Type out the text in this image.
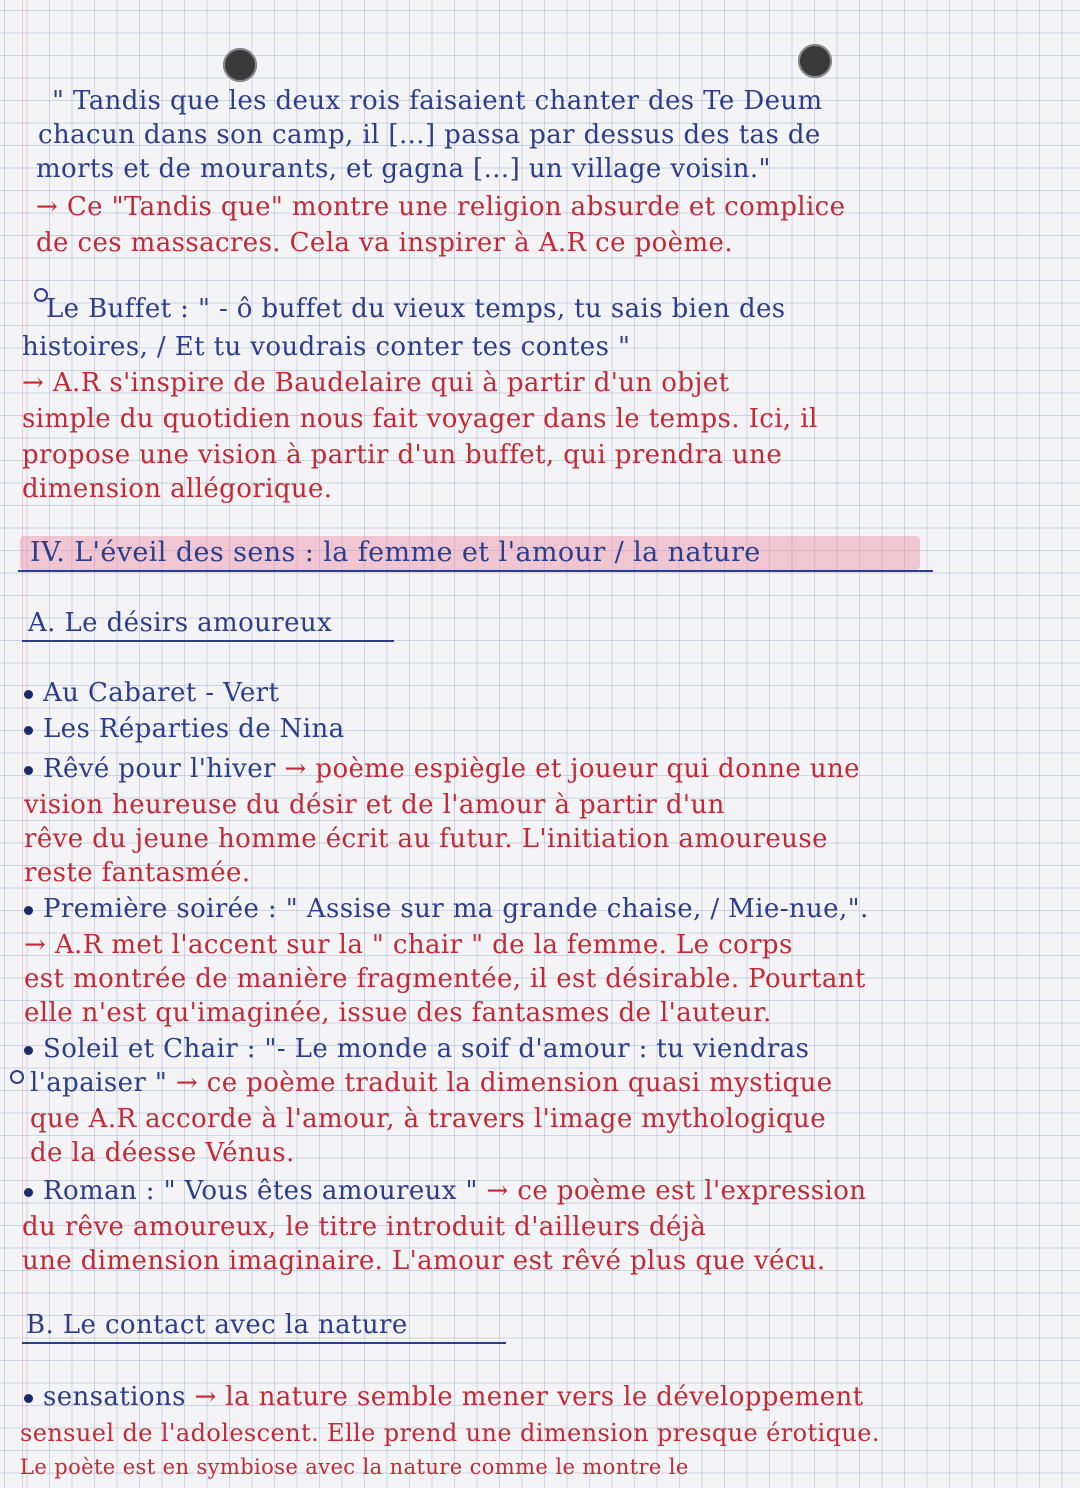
" Tandis que les deux rois faisaient chanter des Te Deum
chacun dans son camp, il [...] passa par dessus des tas de
morts et de mourants, et gagna [...] un village voisin."
→ Ce "Tandis que" montre une religion absurde et complice
de ces massacres. Cela va inspirer à A.R ce poème.
Le Buffet : " - ô buffet du vieux temps, tu sais bien des
histoires, / Et tu voudrais conter tes contes "
→ A.R s'inspire de Baudelaire qui à partir d'un objet
simple du quotidien nous fait voyager dans le temps. Ici, il
propose une vision à partir d'un buffet, qui prendra une
dimension allégorique.
IV. L'éveil des sens : la femme et l'amour / la nature
A. Le désirs amoureux
Au Cabaret - Vert
Les Réparties de Nina
Rêvé pour l'hiver → poème espiègle et joueur qui donne une
vision heureuse du désir et de l'amour à partir d'un
rêve du jeune homme écrit au futur. L'initiation amoureuse
reste fantasmée.
Première soirée : " Assise sur ma grande chaise, / Mie-nue,".
→ A.R met l'accent sur la " chair " de la femme. Le corps
est montrée de manière fragmentée, il est désirable. Pourtant
elle n'est qu'imaginée, issue des fantasmes de l'auteur.
Soleil et Chair : "- Le monde a soif d'amour : tu viendras
l'apaiser " → ce poème traduit la dimension quasi mystique
que A.R accorde à l'amour, à travers l'image mythologique
de la déesse Vénus.
Roman : " Vous êtes amoureux " → ce poème est l'expression
du rêve amoureux, le titre introduit d'ailleurs déjà
une dimension imaginaire. L'amour est rêvé plus que vécu.
B. Le contact avec la nature
sensations → la nature semble mener vers le développement
sensuel de l'adolescent. Elle prend une dimension presque érotique.
Le poète est en symbiose avec la nature comme le montre le
